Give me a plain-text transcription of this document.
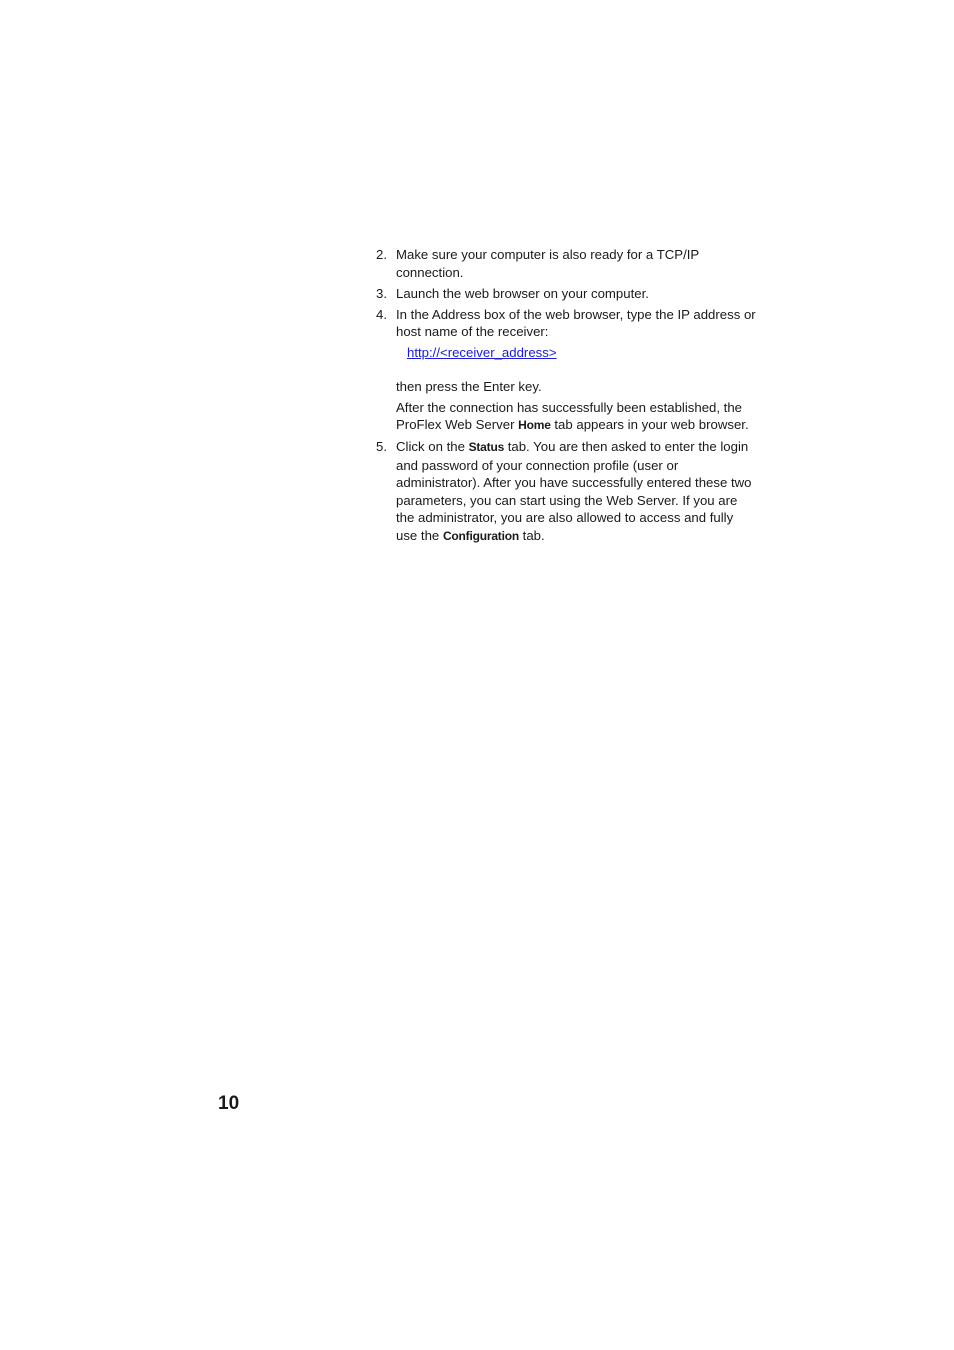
2. Make sure your computer is also ready for a TCP/IP connection.
3. Launch the web browser on your computer.
4. In the Address box of the web browser, type the IP address or host name of the receiver:
http://<receiver_address>
then press the Enter key.
After the connection has successfully been established, the ProFlex Web Server Home tab appears in your web browser.
5. Click on the Status tab. You are then asked to enter the login and password of your connection profile (user or administrator). After you have successfully entered these two parameters, you can start using the Web Server. If you are the administrator, you are also allowed to access and fully use the Configuration tab.
10
